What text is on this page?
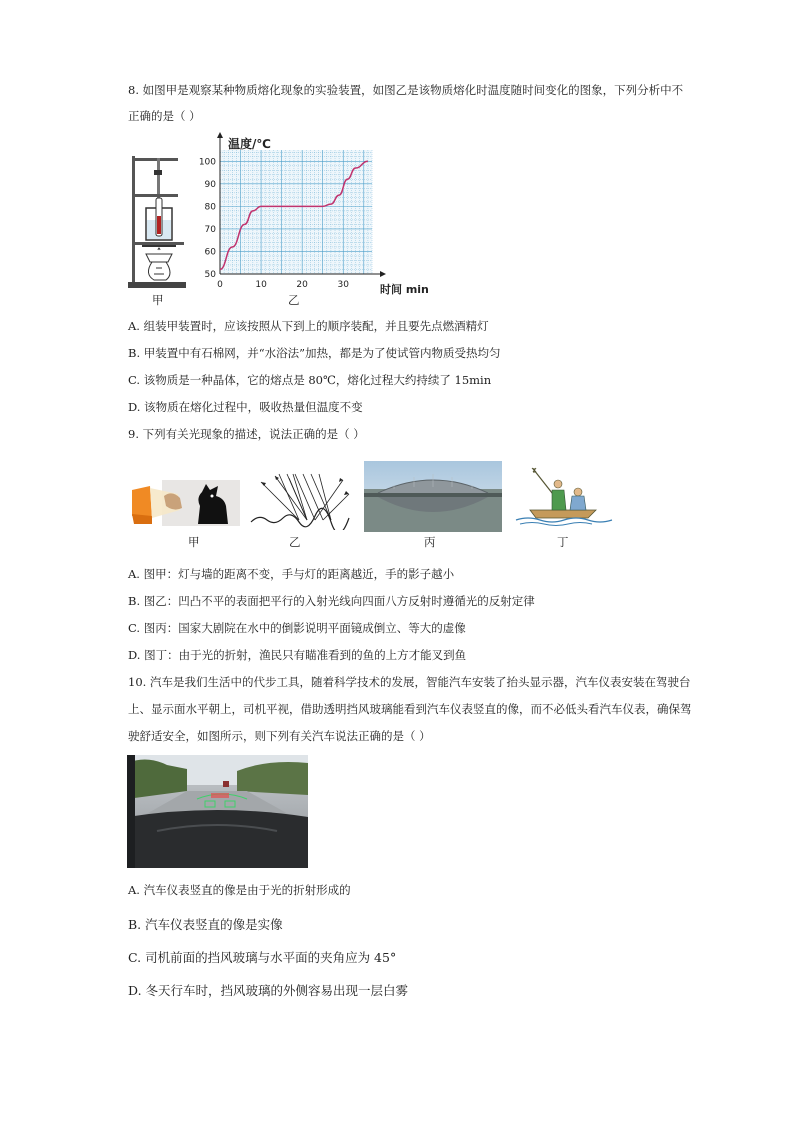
8. 如图甲是观察某种物质熔化现象的实验装置，如图乙是该物质熔化时温度随时间变化的图象，下列分析中不
正确的是（ ）
甲
0	10	20	30
50
60
70
80
90
100
温度/℃
时间 min
乙
A. 组装甲装置时，应该按照从下到上的顺序装配，并且要先点燃酒精灯
B. 甲装置中有石棉网，并“水浴法”加热，都是为了使试管内物质受热均匀
C. 该物质是一种晶体，它的熔点是 80℃，熔化过程大约持续了 15min
D. 该物质在熔化过程中，吸收热量但温度不变
9. 下列有关光现象的描述，说法正确的是（ ）
甲	乙	丙	丁
A. 图甲：灯与墙的距离不变，手与灯的距离越近，手的影子越小
B. 图乙：凹凸不平的表面把平行的入射光线向四面八方反射时遵循光的反射定律
C. 图丙：国家大剧院在水中的倒影说明平面镜成倒立、等大的虚像
D. 图丁：由于光的折射，渔民只有瞄准看到的鱼的上方才能叉到鱼
10. 汽车是我们生活中的代步工具，随着科学技术的发展，智能汽车安装了抬头显示器，汽车仪表安装在驾驶台
上、显示面水平朝上，司机平视，借助透明挡风玻璃能看到汽车仪表竖直的像，而不必低头看汽车仪表，确保驾
驶舒适安全，如图所示，则下列有关汽车说法正确的是（ ）
A. 汽车仪表竖直的像是由于光的折射形成的
B. 汽车仪表竖直的像是实像
C. 司机前面的挡风玻璃与水平面的夹角应为 45°
D. 冬天行车时，挡风玻璃的外侧容易出现一层白雾
